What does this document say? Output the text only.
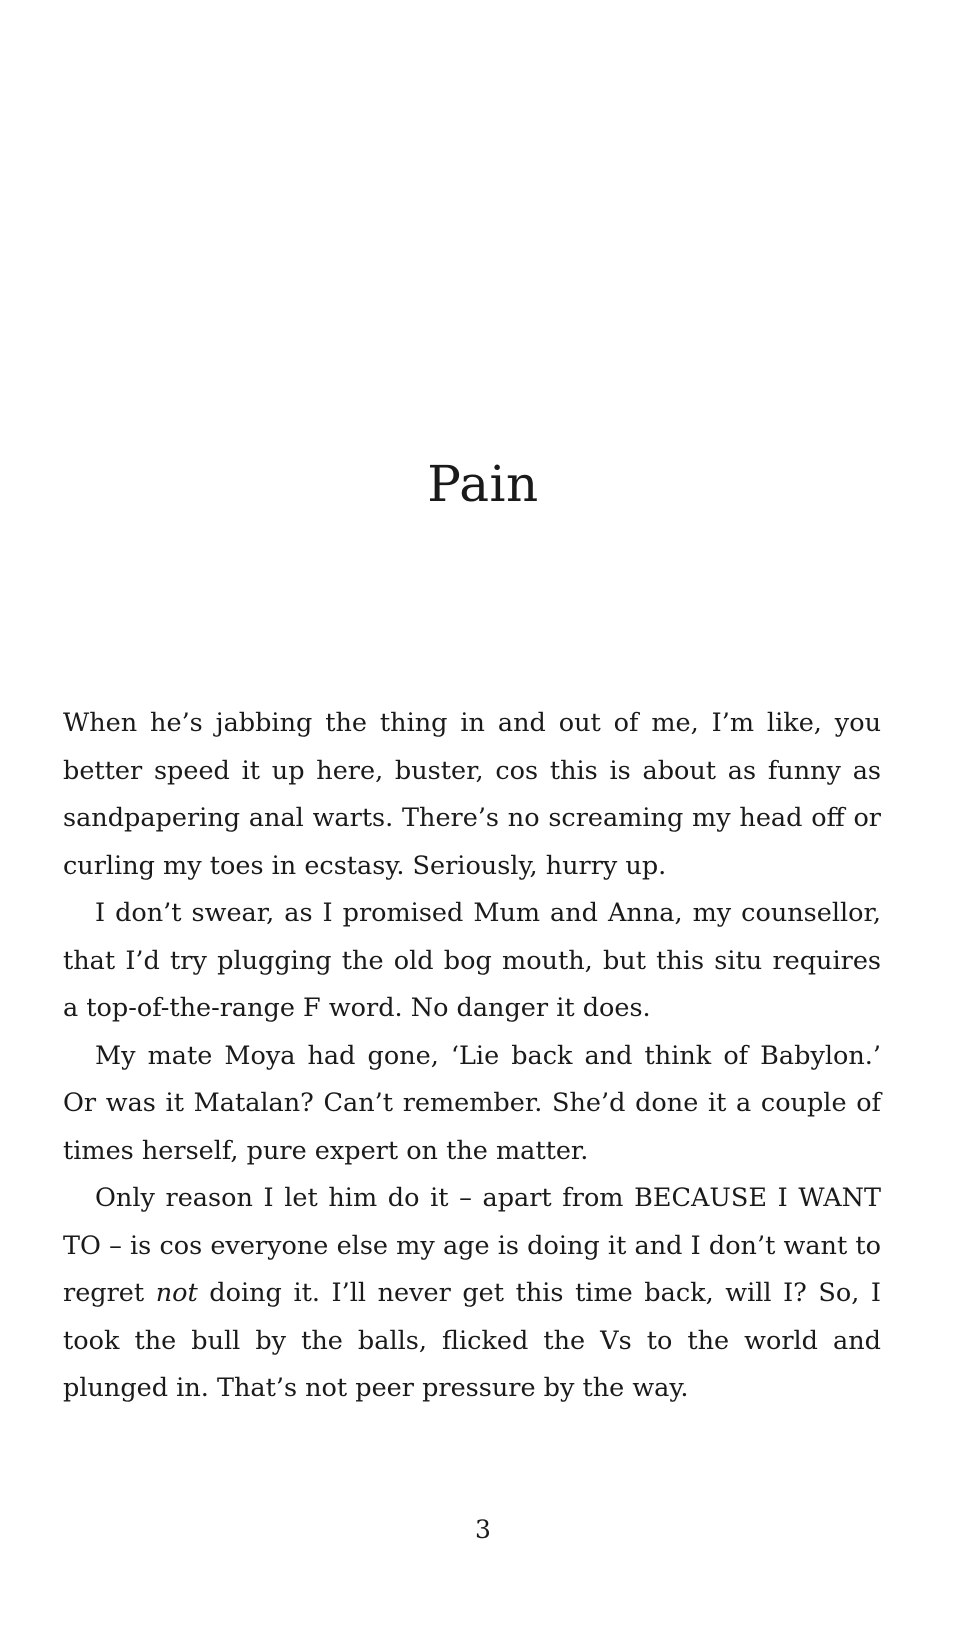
Pain

When he’s jabbing the thing in and out of me, I’m like, you better speed it up here, buster, cos this is about as funny as sandpapering anal warts. There’s no screaming my head off or curling my toes in ecstasy. Seriously, hurry up.

I don’t swear, as I promised Mum and Anna, my counsellor, that I’d try plugging the old bog mouth, but this situ requires a top-of-the-range F word. No danger it does.

My mate Moya had gone, ‘Lie back and think of Babylon.’ Or was it Matalan? Can’t remember. She’d done it a couple of times herself, pure expert on the matter.

Only reason I let him do it – apart from BECAUSE I WANT TO – is cos everyone else my age is doing it and I don’t want to regret not doing it. I’ll never get this time back, will I? So, I took the bull by the balls, flicked the Vs to the world and plunged in. That’s not peer pressure by the way.

3
